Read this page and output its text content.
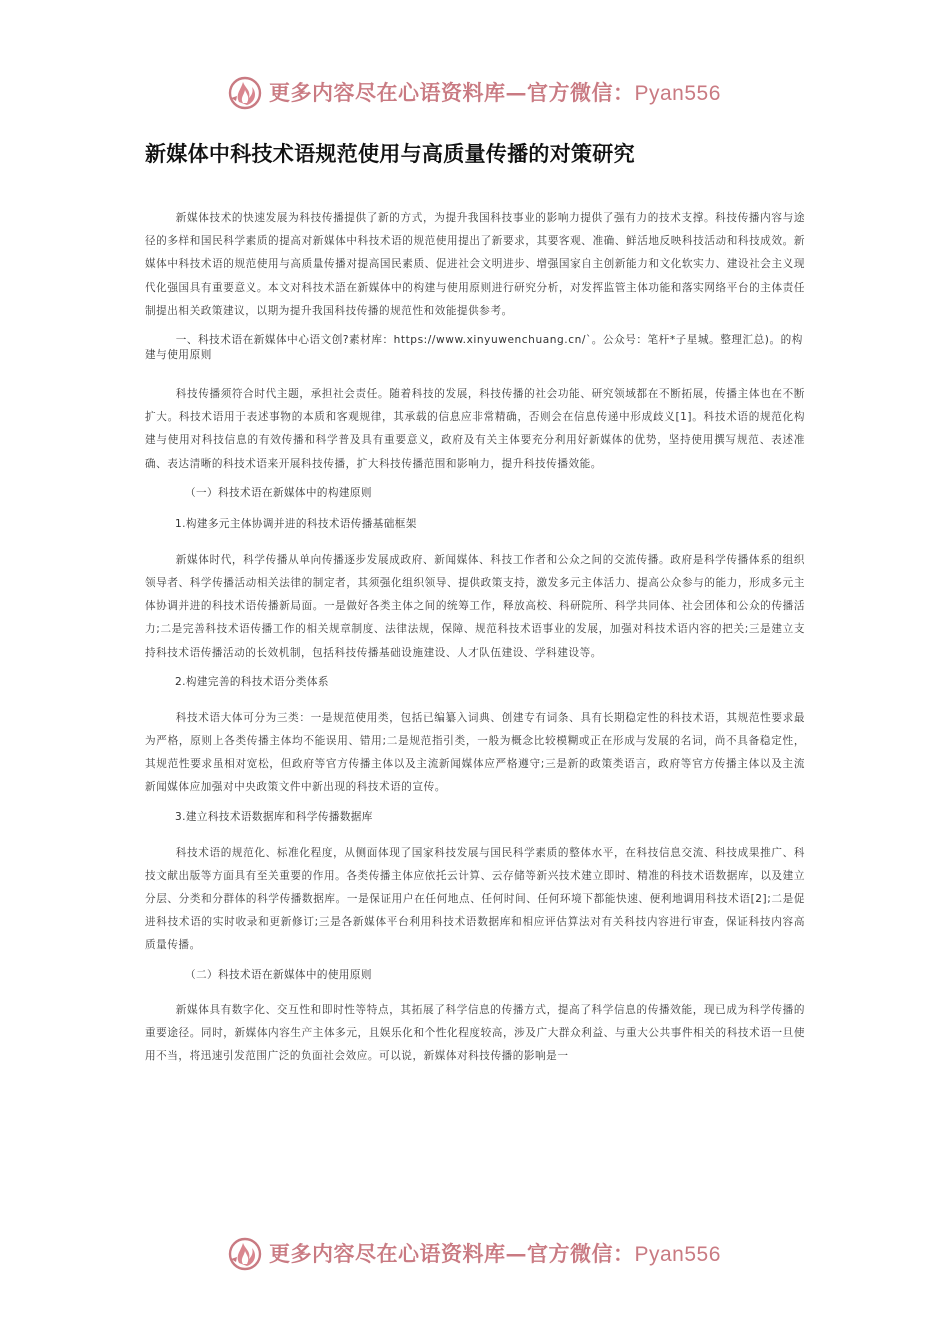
更多内容尽在心语资料库—官方微信：Pyan556
新媒体中科技术语规范使用与高质量传播的对策研究

新媒体技术的快速发展为科技传播提供了新的方式，为提升我国科技事业的影响力提供了强有力的技术支撑。科技传播内容与途径的多样和国民科学素质的提高对新媒体中科技术语的规范使用提出了新要求，其要客观、准确、鲜活地反映科技活动和科技成效。新媒体中科技术语的规范使用与高质量传播对提高国民素质、促进社会文明进步、增强国家自主创新能力和文化软实力、建设社会主义现代化强国具有重要意义。本文对科技术語在新媒体中的构建与使用原则进行研究分析，对发挥监管主体功能和落实网络平台的主体责任制提出相关政策建议，以期为提升我国科技传播的规范性和效能提供参考。

一、科技术语在新媒体中心语文创?素材库：https://www.xinyuwenchuang.cn/`。公众号：笔杆*子星城。整理汇总)。的构建与使用原则

科技传播须符合时代主题，承担社会责任。随着科技的发展，科技传播的社会功能、研究领域都在不断拓展，传播主体也在不断扩大。科技术语用于表述事物的本质和客观规律，其承载的信息应非常精确，否则会在信息传递中形成歧义[1]。科技术语的规范化构建与使用对科技信息的有效传播和科学普及具有重要意义，政府及有关主体要充分利用好新媒体的优势，坚持使用撰写规范、表述准确、表达清晰的科技术语来开展科技传播，扩大科技传播范围和影响力，提升科技传播效能。

（一）科技术语在新媒体中的构建原则

1.构建多元主体协调并进的科技术语传播基础框架

新媒体时代，科学传播从单向传播逐步发展成政府、新闻媒体、科技工作者和公众之间的交流传播。政府是科学传播体系的组织领导者、科学传播活动相关法律的制定者，其须强化组织领导、提供政策支持，激发多元主体活力、提高公众参与的能力，形成多元主体协调并进的科技术语传播新局面。一是做好各类主体之间的统筹工作，释放高校、科研院所、科学共同体、社会团体和公众的传播活力;二是完善科技术语传播工作的相关规章制度、法律法规，保障、规范科技术语事业的发展，加强对科技术语内容的把关;三是建立支持科技术语传播活动的长效机制，包括科技传播基础设施建设、人才队伍建设、学科建设等。

2.构建完善的科技术语分类体系

科技术语大体可分为三类：一是规范使用类，包括已编纂入词典、创建专有词条、具有长期稳定性的科技术语，其规范性要求最为严格，原则上各类传播主体均不能误用、错用;二是规范指引类，一般为概念比较模糊或正在形成与发展的名词，尚不具备稳定性，其规范性要求虽相对宽松，但政府等官方传播主体以及主流新闻媒体应严格遵守;三是新的政策类语言，政府等官方传播主体以及主流新闻媒体应加强对中央政策文件中新出现的科技术语的宣传。

3.建立科技术语数据库和科学传播数据库

科技术语的规范化、标准化程度，从侧面体现了国家科技发展与国民科学素质的整体水平，在科技信息交流、科技成果推广、科技文献出版等方面具有至关重要的作用。各类传播主体应依托云计算、云存储等新兴技术建立即时、精准的科技术语数据库，以及建立分层、分类和分群体的科学传播数据库。一是保证用户在任何地点、任何时间、任何环境下都能快速、便利地调用科技术语[2];二是促进科技术语的实时收录和更新修订;三是各新媒体平台利用科技术语数据库和相应评估算法对有关科技内容进行审查，保证科技内容高质量传播。

（二）科技术语在新媒体中的使用原则

新媒体具有数字化、交互性和即时性等特点，其拓展了科学信息的传播方式，提高了科学信息的传播效能，现已成为科学传播的重要途径。同时，新媒体内容生产主体多元，且娱乐化和个性化程度较高，涉及广大群众利益、与重大公共事件相关的科技术语一旦使用不当，将迅速引发范围广泛的负面社会效应。可以说，新媒体对科技传播的影响是一

更多内容尽在心语资料库—官方微信：Pyan556
